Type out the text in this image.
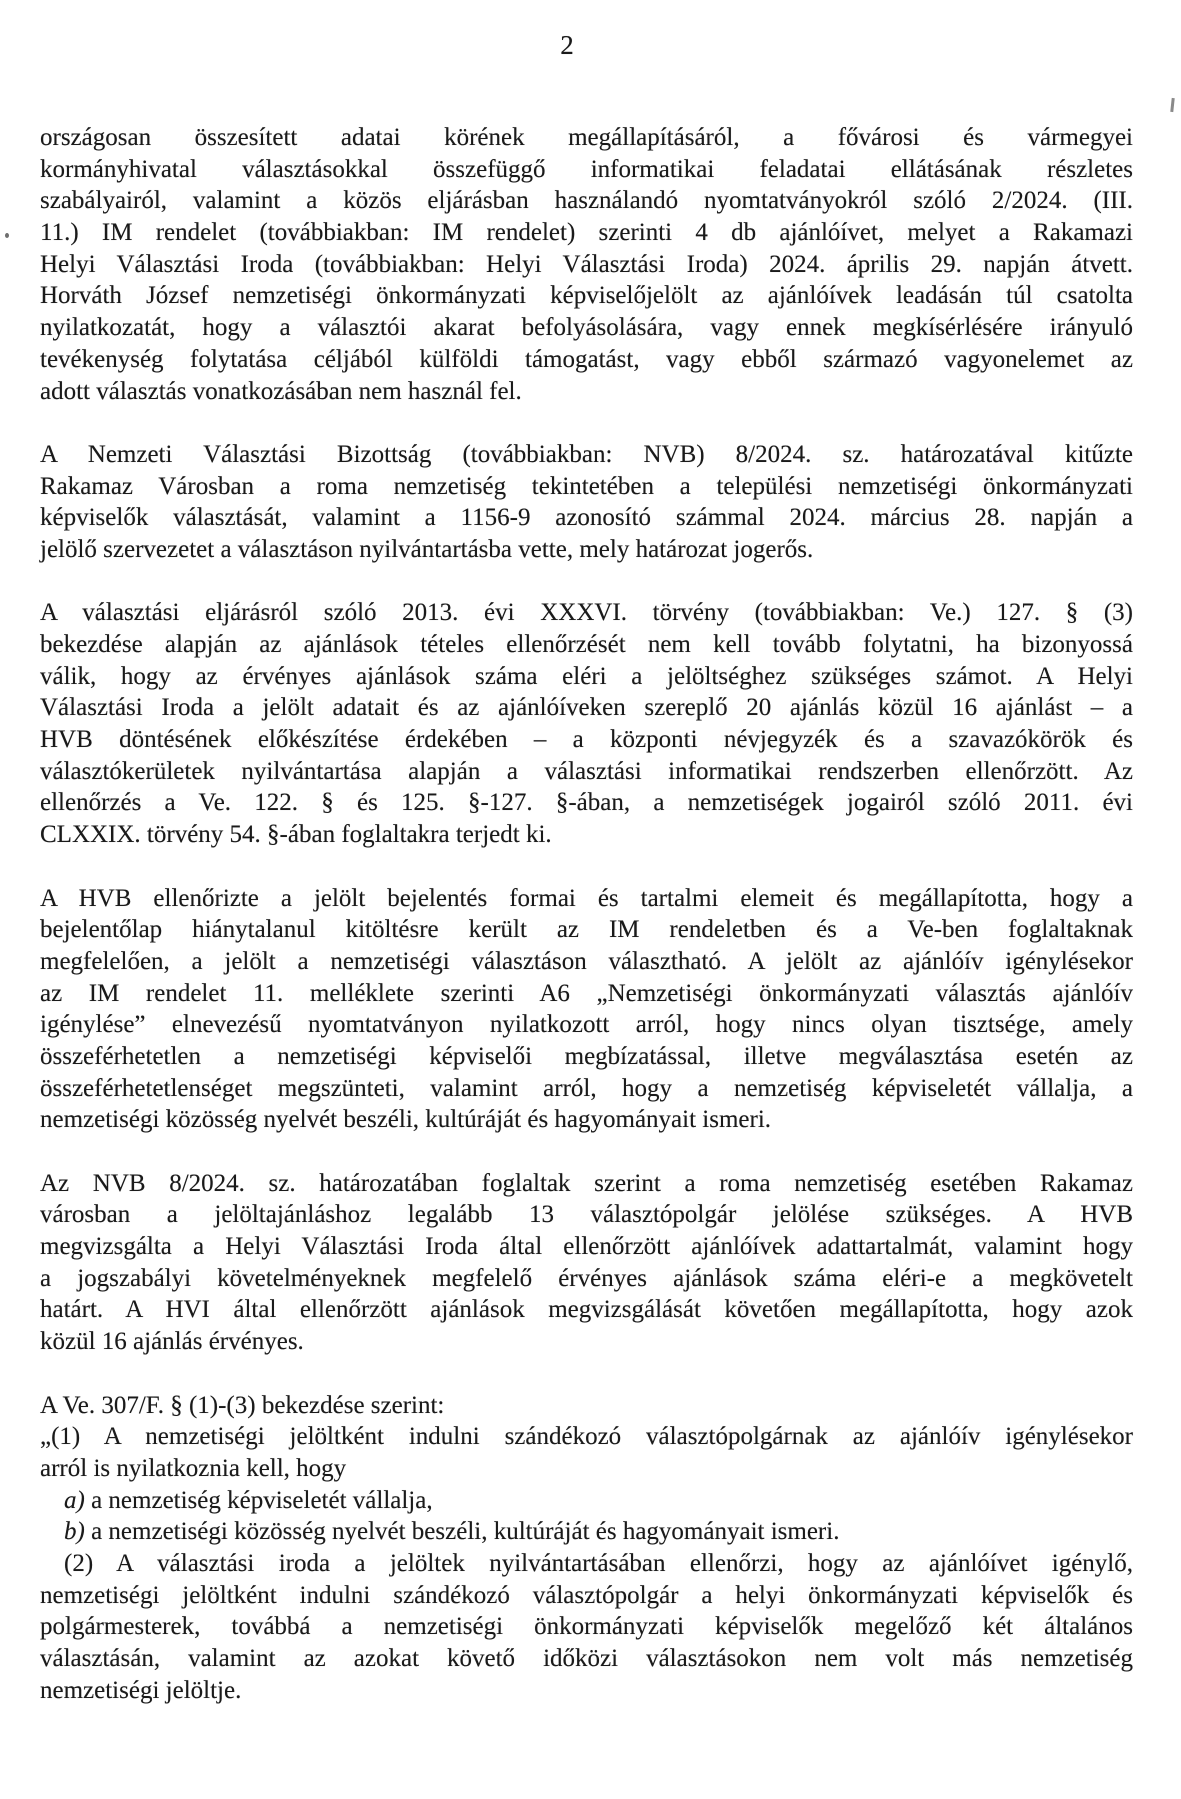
2
országosan összesített adatai körének megállapításáról, a fővárosi és vármegyei
kormányhivatal választásokkal összefüggő informatikai feladatai ellátásának részletes
szabályairól, valamint a közös eljárásban használandó nyomtatványokról szóló 2/2024. (III.
11.) IM rendelet (továbbiakban: IM rendelet) szerinti 4 db ajánlóívet, melyet a Rakamazi
Helyi Választási Iroda (továbbiakban: Helyi Választási Iroda) 2024. április 29. napján átvett.
Horváth József nemzetiségi önkormányzati képviselőjelölt az ajánlóívek leadásán túl csatolta
nyilatkozatát, hogy a választói akarat befolyásolására, vagy ennek megkísérlésére irányuló
tevékenység folytatása céljából külföldi támogatást, vagy ebből származó vagyonelemet az
adott választás vonatkozásában nem használ fel.
A Nemzeti Választási Bizottság (továbbiakban: NVB) 8/2024. sz. határozatával kitűzte
Rakamaz Városban a roma nemzetiség tekintetében a települési nemzetiségi önkormányzati
képviselők választását, valamint a 1156-9 azonosító számmal 2024. március 28. napján a
jelölő szervezetet a választáson nyilvántartásba vette, mely határozat jogerős.
A választási eljárásról szóló 2013. évi XXXVI. törvény (továbbiakban: Ve.) 127. § (3)
bekezdése alapján az ajánlások tételes ellenőrzését nem kell tovább folytatni, ha bizonyossá
válik, hogy az érvényes ajánlások száma eléri a jelöltséghez szükséges számot. A Helyi
Választási Iroda a jelölt adatait és az ajánlóíveken szereplő 20 ajánlás közül 16 ajánlást – a
HVB döntésének előkészítése érdekében – a központi névjegyzék és a szavazókörök és
választókerületek nyilvántartása alapján a választási informatikai rendszerben ellenőrzött. Az
ellenőrzés a Ve. 122. § és 125. §-127. §-ában, a nemzetiségek jogairól szóló 2011. évi
CLXXIX. törvény 54. §-ában foglaltakra terjedt ki.
A HVB ellenőrizte a jelölt bejelentés formai és tartalmi elemeit és megállapította, hogy a
bejelentőlap hiánytalanul kitöltésre került az IM rendeletben és a Ve-ben foglaltaknak
megfelelően, a jelölt a nemzetiségi választáson választható. A jelölt az ajánlóív igénylésekor
az IM rendelet 11. melléklete szerinti A6 „Nemzetiségi önkormányzati választás ajánlóív
igénylése” elnevezésű nyomtatványon nyilatkozott arról, hogy nincs olyan tisztsége, amely
összeférhetetlen a nemzetiségi képviselői megbízatással, illetve megválasztása esetén az
összeférhetetlenséget megszünteti, valamint arról, hogy a nemzetiség képviseletét vállalja, a
nemzetiségi közösség nyelvét beszéli, kultúráját és hagyományait ismeri.
Az NVB 8/2024. sz. határozatában foglaltak szerint a roma nemzetiség esetében Rakamaz
városban a jelöltajánláshoz legalább 13 választópolgár jelölése szükséges. A HVB
megvizsgálta a Helyi Választási Iroda által ellenőrzött ajánlóívek adattartalmát, valamint hogy
a jogszabályi követelményeknek megfelelő érvényes ajánlások száma eléri-e a megkövetelt
határt. A HVI által ellenőrzött ajánlások megvizsgálását követően megállapította, hogy azok
közül 16 ajánlás érvényes.
A Ve. 307/F. § (1)-(3) bekezdése szerint:
„(1) A nemzetiségi jelöltként indulni szándékozó választópolgárnak az ajánlóív igénylésekor
arról is nyilatkoznia kell, hogy
a) a nemzetiség képviseletét vállalja,
b) a nemzetiségi közösség nyelvét beszéli, kultúráját és hagyományait ismeri.
(2) A választási iroda a jelöltek nyilvántartásában ellenőrzi, hogy az ajánlóívet igénylő,
nemzetiségi jelöltként indulni szándékozó választópolgár a helyi önkormányzati képviselők és
polgármesterek, továbbá a nemzetiségi önkormányzati képviselők megelőző két általános
választásán, valamint az azokat követő időközi választásokon nem volt más nemzetiség
nemzetiségi jelöltje.
